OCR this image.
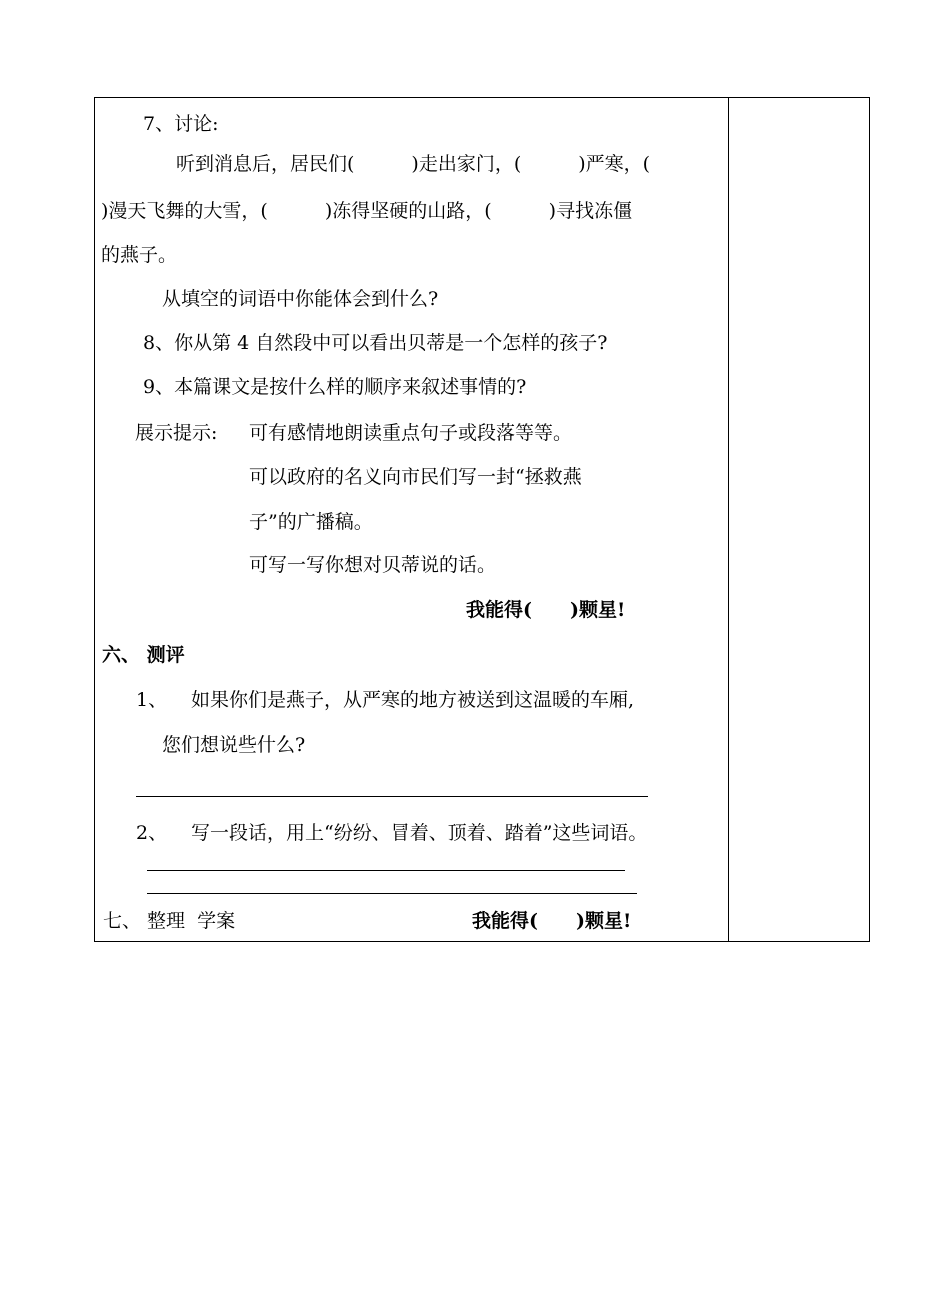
7、讨论:
听到消息后，居民们(　　　)走出家门，(　　　)严寒，(
)漫天飞舞的大雪，(　　　)冻得坚硬的山路，(　　　)寻找冻僵
的燕子。
从填空的词语中你能体会到什么?
8、你从第 4 自然段中可以看出贝蒂是一个怎样的孩子?
9、本篇课文是按什么样的顺序来叙述事情的?
展示提示: 可有感情地朗读重点句子或段落等等。
可以政府的名义向市民们写一封“拯救燕
子”的广播稿。
可写一写你想对贝蒂说的话。
我能得(　　)颗星!
六、 测评
1、 如果你们是燕子，从严寒的地方被送到这温暖的车厢,
您们想说些什么?
2、 写一段话，用上“纷纷、冒着、顶着、踏着”这些词语。
七、 整理  学案	我能得(　　)颗星!
